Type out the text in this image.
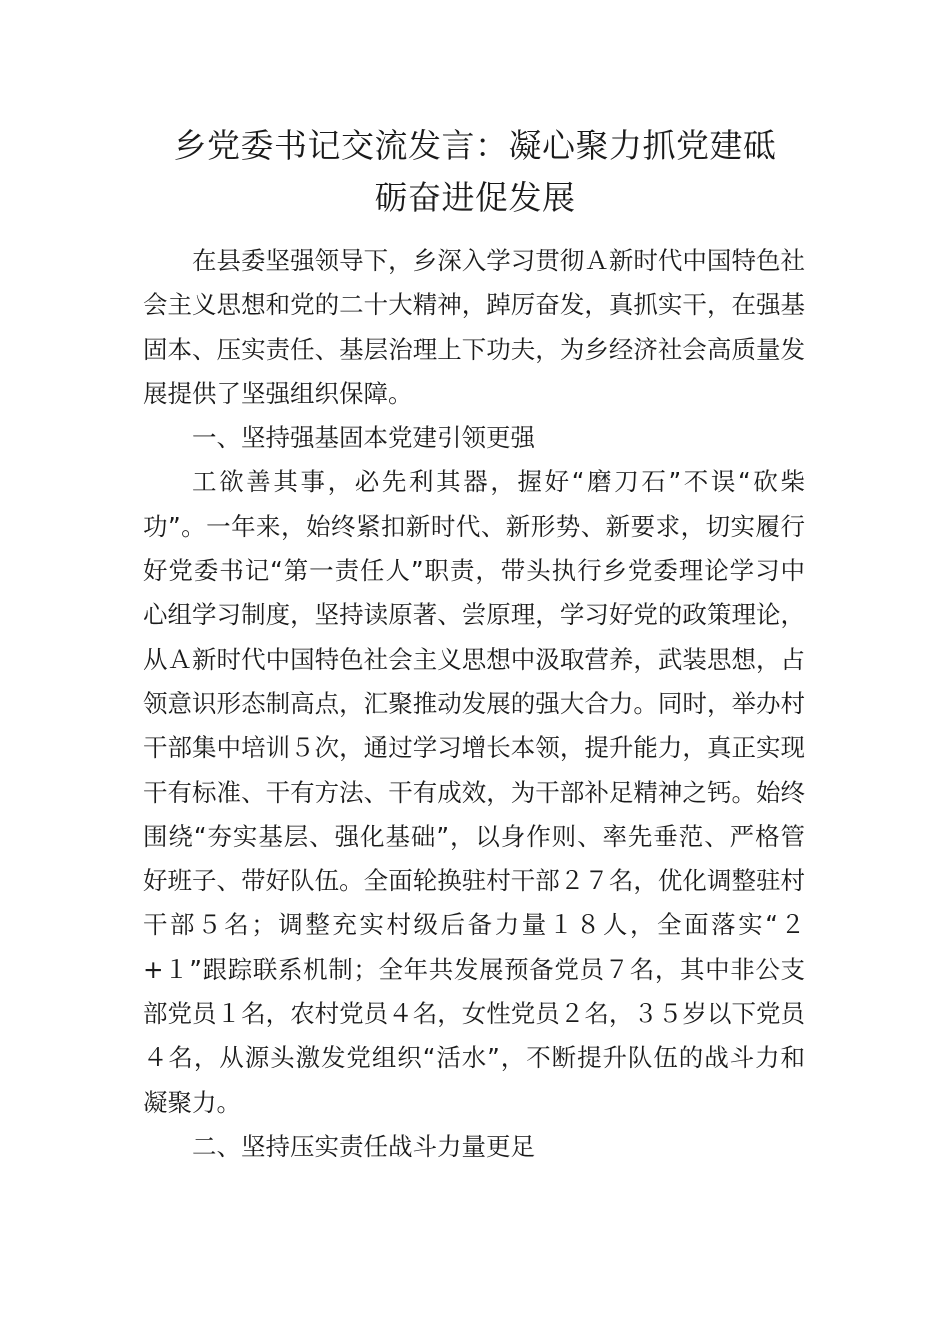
乡党委书记交流发言：凝心聚力抓党建砥
砺奋进促发展

在县委坚强领导下，乡深入学习贯彻Ａ新时代中国特色社会主义思想和党的二十大精神，踔厉奋发，真抓实干，在强基固本、压实责任、基层治理上下功夫，为乡经济社会高质量发展提供了坚强组织保障。

一、坚持强基固本党建引领更强

工欲善其事，必先利其器，握好“磨刀石”不误“砍柴功”。一年来，始终紧扣新时代、新形势、新要求，切实履行好党委书记“第一责任人”职责，带头执行乡党委理论学习中心组学习制度，坚持读原著、尝原理，学习好党的政策理论，从Ａ新时代中国特色社会主义思想中汲取营养，武装思想，占领意识形态制高点，汇聚推动发展的强大合力。同时，举办村干部集中培训５次，通过学习增长本领，提升能力，真正实现干有标准、干有方法、干有成效，为干部补足精神之钙。始终围绕“夯实基层、强化基础”，以身作则、率先垂范、严格管好班子、带好队伍。全面轮换驻村干部２７名，优化调整驻村干部５名；调整充实村级后备力量１８人，全面落实“２+１”跟踪联系机制；全年共发展预备党员７名，其中非公支部党员１名，农村党员４名，女性党员２名，３５岁以下党员４名，从源头激发党组织“活水”，不断提升队伍的战斗力和凝聚力。

二、坚持压实责任战斗力量更足
